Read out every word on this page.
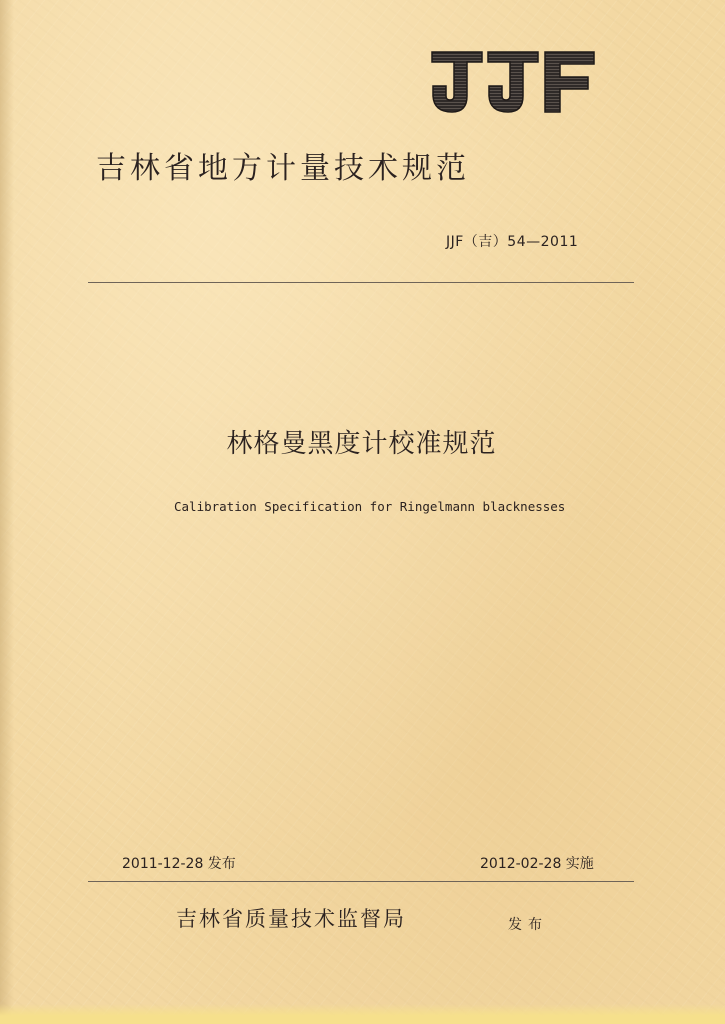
吉林省地方计量技术规范
JJF（吉）54—2011
林格曼黑度计校准规范
Calibration Specification for Ringelmann blacknesses
2011-12-28 发布	2012-02-28 实施
吉林省质量技术监督局	发布
